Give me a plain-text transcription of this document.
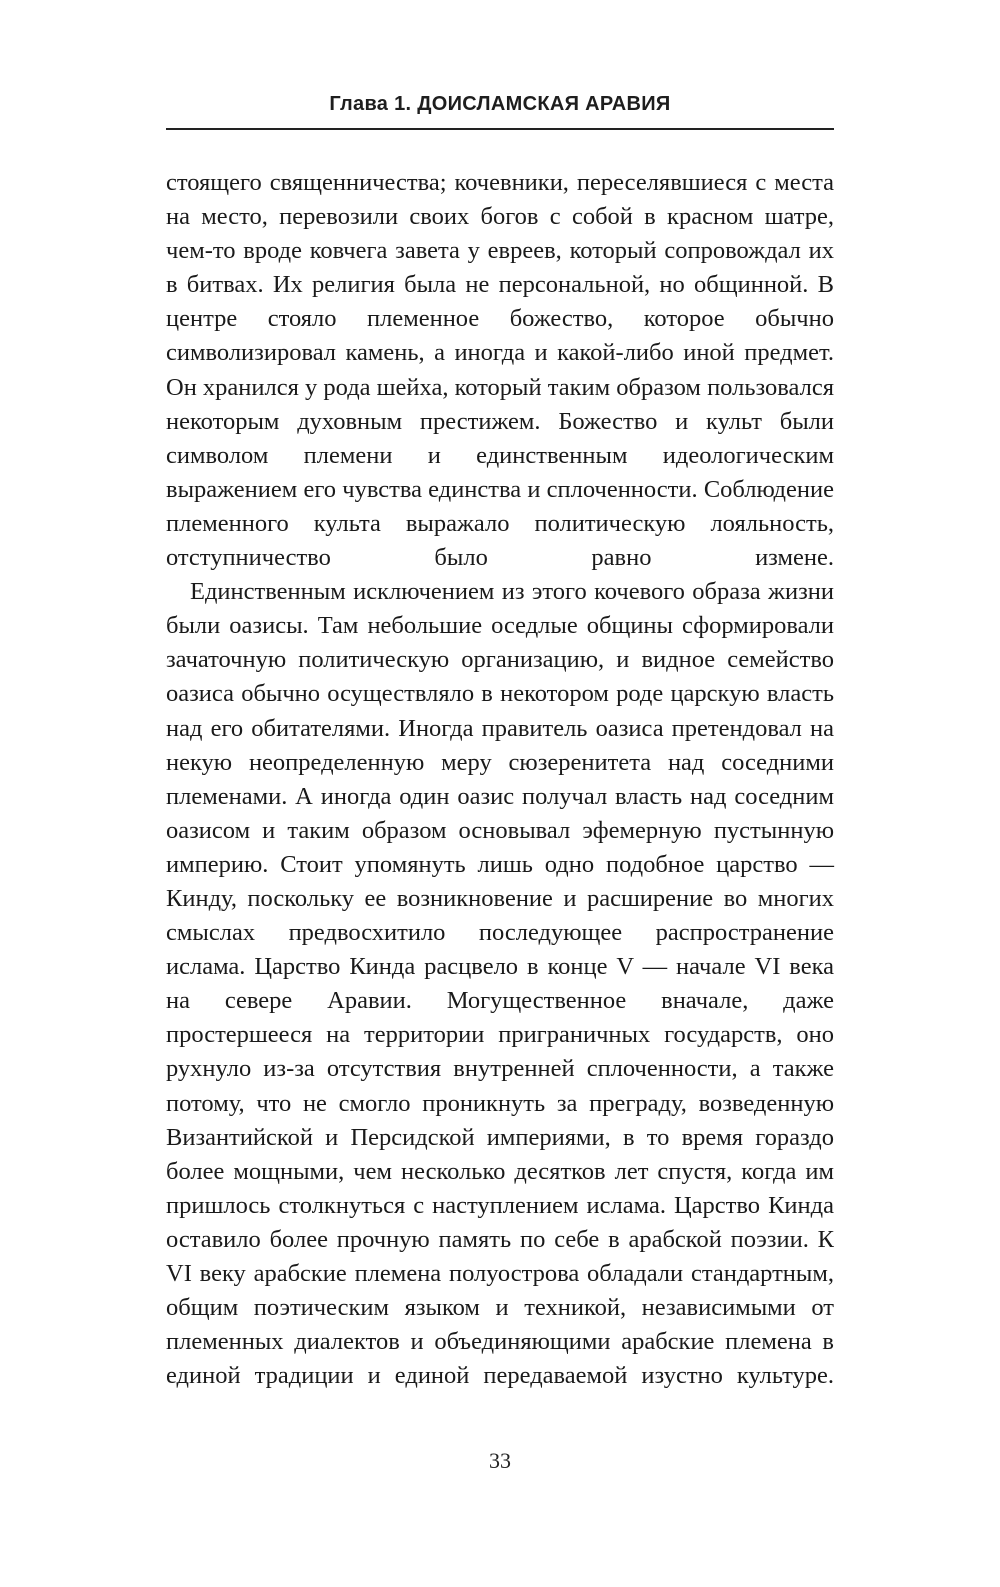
Глава 1. ДОИСЛАМСКАЯ АРАВИЯ

стоящего священничества; кочевники, переселявшиеся с места на место, перевозили своих богов с собой в красном шатре, чем-то вроде ковчега завета у евреев, который сопровождал их в битвах. Их религия была не персональной, но общинной. В центре стояло племенное божество, которое обычно символизировал камень, а иногда и какой-либо иной предмет. Он хранился у рода шейха, который таким образом пользовался некоторым духовным престижем. Божество и культ были символом племени и единственным идеологическим выражением его чувства единства и сплоченности. Соблюдение племенного культа выражало политическую лояльность, отступничество было равно измене.

Единственным исключением из этого кочевого образа жизни были оазисы. Там небольшие оседлые общины сформировали зачаточную политическую организацию, и видное семейство оазиса обычно осуществляло в некотором роде царскую власть над его обитателями. Иногда правитель оазиса претендовал на некую неопределенную меру сюзеренитета над соседними племенами. А иногда один оазис получал власть над соседним оазисом и таким образом основывал эфемерную пустынную империю. Стоит упомянуть лишь одно подобное царство — Кинду, поскольку ее возникновение и расширение во многих смыслах предвосхитило последующее распространение ислама. Царство Кинда расцвело в конце V — начале VI века на севере Аравии. Могущественное вначале, даже простершееся на территории приграничных государств, оно рухнуло из-за отсутствия внутренней сплоченности, а также потому, что не смогло проникнуть за преграду, возведенную Византийской и Персидской империями, в то время гораздо более мощными, чем несколько десятков лет спустя, когда им пришлось столкнуться с наступлением ислама. Царство Кинда оставило более прочную память по себе в арабской поэзии. К VI веку арабские племена полуострова обладали стандартным, общим поэтическим языком и техникой, независимыми от племенных диалектов и объединяющими арабские племена в единой традиции и единой передаваемой изустно культуре.

33
